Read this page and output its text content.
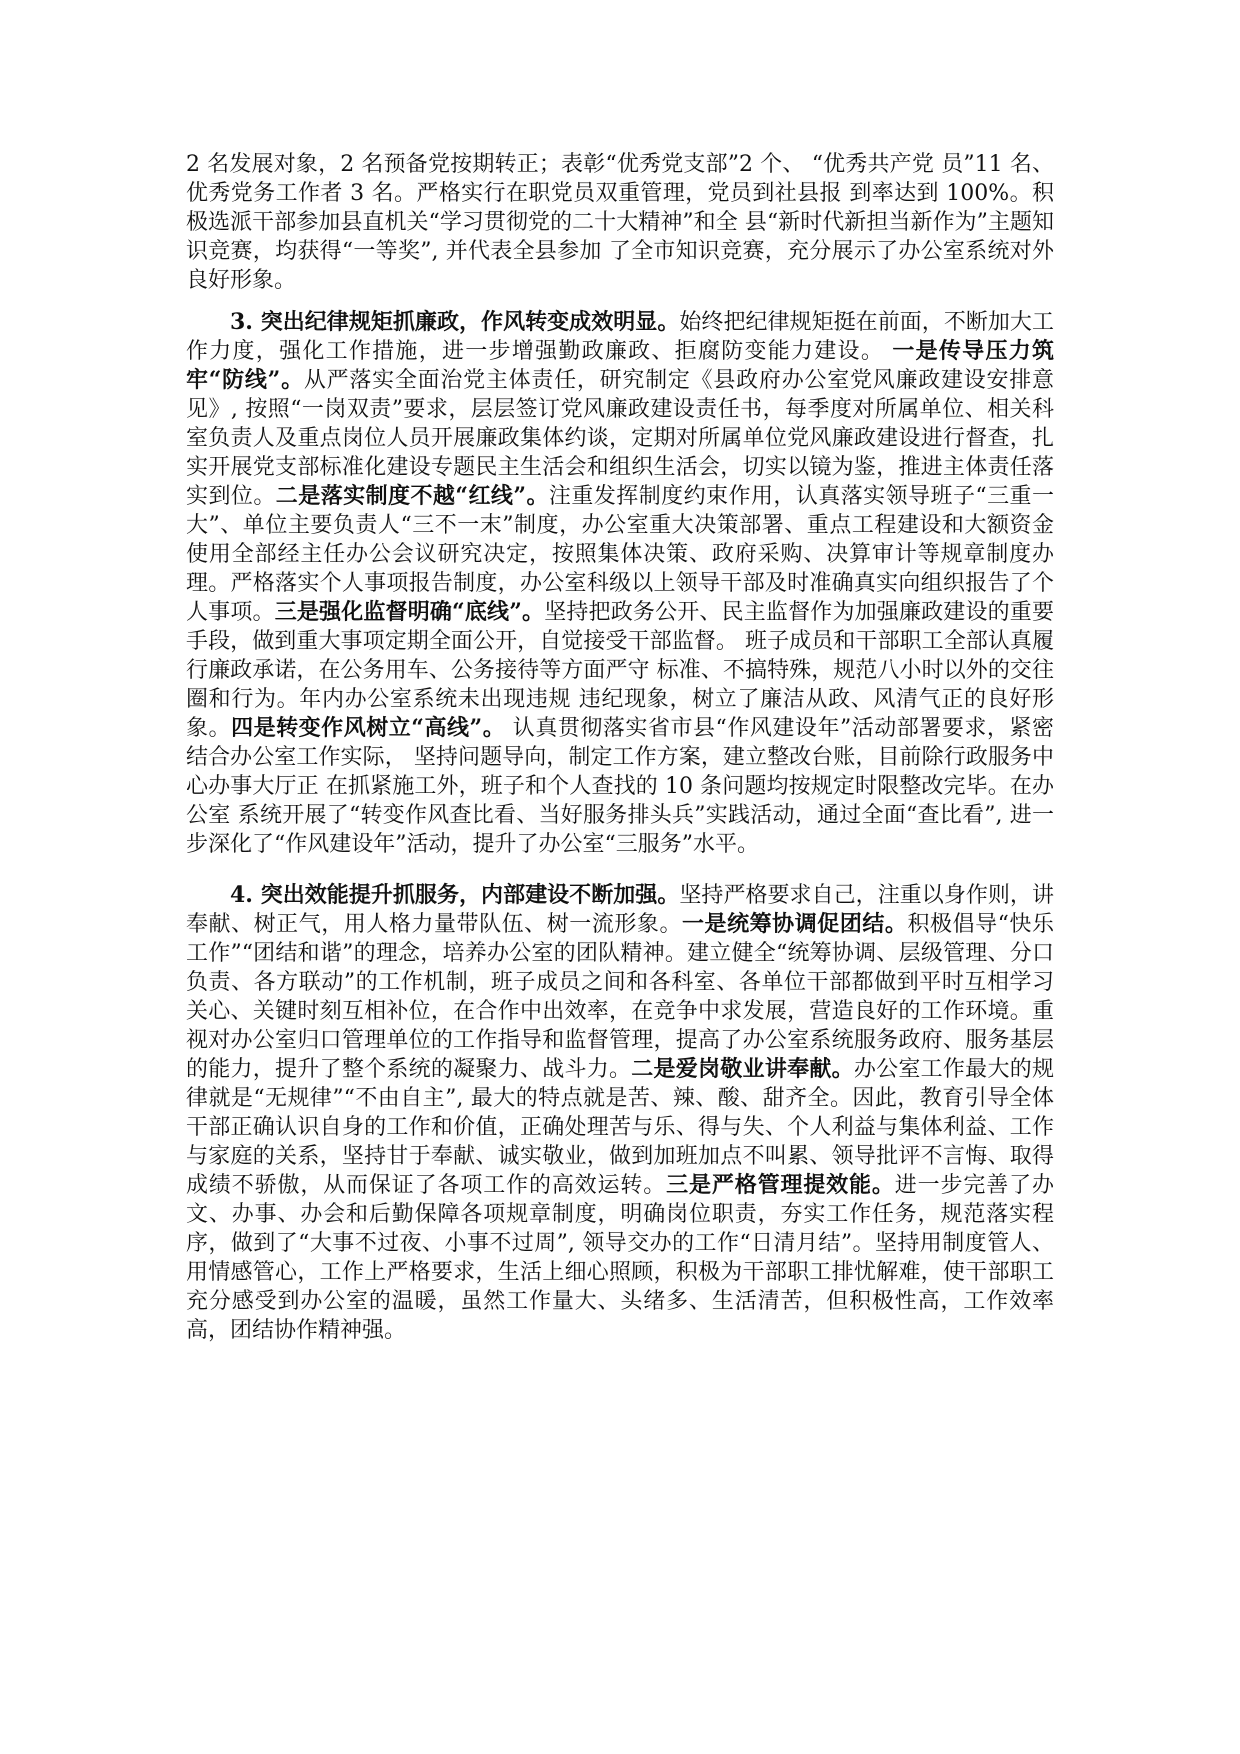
2 名发展对象，2 名预备党按期转正；表彰“优秀党支部”2 个、 “优秀共产党 员”11 名、优秀党务工作者 3 名。严格实行在职党员双重管理，党员到社县报 到率达到 100%。积极选派干部参加县直机关“学习贯彻党的二十大精神”和全 县“新时代新担当新作为”主题知识竞赛，均获得“一等奖”, 并代表全县参加 了全市知识竞赛，充分展示了办公室系统对外良好形象。

3. 突出纪律规矩抓廉政，作风转变成效明显。始终把纪律规矩挺在前面，不断加大工作力度，强化工作措施，进一步增强勤政廉政、拒腐防变能力建设。 一是传导压力筑牢“防线”。从严落实全面治党主体责任，研究制定《县政府办公室党风廉政建设安排意见》, 按照“一岗双责”要求，层层签订党风廉政建设责任书，每季度对所属单位、相关科室负责人及重点岗位人员开展廉政集体约谈，定期对所属单位党风廉政建设进行督查，扎实开展党支部标准化建设专题民主生活会和组织生活会，切实以镜为鉴，推进主体责任落实到位。二是落实制度不越“红线”。注重发挥制度约束作用，认真落实领导班子“三重一大”、单位主要负责人“三不一末”制度，办公室重大决策部署、重点工程建设和大额资金使用全部经主任办公会议研究决定，按照集体决策、政府采购、决算审计等规章制度办理。严格落实个人事项报告制度，办公室科级以上领导干部及时准确真实向组织报告了个人事项。三是强化监督明确“底线”。坚持把政务公开、民主监督作为加强廉政建设的重要手段，做到重大事项定期全面公开，自觉接受干部监督。 班子成员和干部职工全部认真履行廉政承诺，在公务用车、公务接待等方面严守 标准、不搞特殊，规范八小时以外的交往圈和行为。年内办公室系统未出现违规 违纪现象，树立了廉洁从政、风清气正的良好形象。四是转变作风树立“高线”。 认真贯彻落实省市县“作风建设年”活动部署要求，紧密结合办公室工作实际， 坚持问题导向，制定工作方案，建立整改台账，目前除行政服务中心办事大厅正 在抓紧施工外，班子和个人查找的 10 条问题均按规定时限整改完毕。在办公室 系统开展了“转变作风查比看、当好服务排头兵”实践活动，通过全面“查比看”, 进一步深化了“作风建设年”活动，提升了办公室“三服务”水平。

4. 突出效能提升抓服务，内部建设不断加强。坚持严格要求自己，注重以身作则，讲奉献、树正气，用人格力量带队伍、树一流形象。一是统筹协调促团结。积极倡导“快乐工作”“团结和谐”的理念，培养办公室的团队精神。建立健全“统筹协调、层级管理、分口负责、各方联动”的工作机制，班子成员之间和各科室、各单位干部都做到平时互相学习关心、关键时刻互相补位，在合作中出效率，在竞争中求发展，营造良好的工作环境。重视对办公室归口管理单位的工作指导和监督管理，提高了办公室系统服务政府、服务基层的能力，提升了整个系统的凝聚力、战斗力。二是爱岗敬业讲奉献。办公室工作最大的规律就是“无规律”“不由自主”, 最大的特点就是苦、辣、酸、甜齐全。因此，教育引导全体干部正确认识自身的工作和价值，正确处理苦与乐、得与失、个人利益与集体利益、工作与家庭的关系，坚持甘于奉献、诚实敬业，做到加班加点不叫累、领导批评不言悔、取得成绩不骄傲，从而保证了各项工作的高效运转。三是严格管理提效能。进一步完善了办文、办事、办会和后勤保障各项规章制度，明确岗位职责，夯实工作任务，规范落实程序，做到了“大事不过夜、小事不过周”, 领导交办的工作“日清月结”。坚持用制度管人、用情感管心，工作上严格要求，生活上细心照顾，积极为干部职工排忧解难，使干部职工充分感受到办公室的温暖，虽然工作量大、头绪多、生活清苦，但积极性高，工作效率高，团结协作精神强。
